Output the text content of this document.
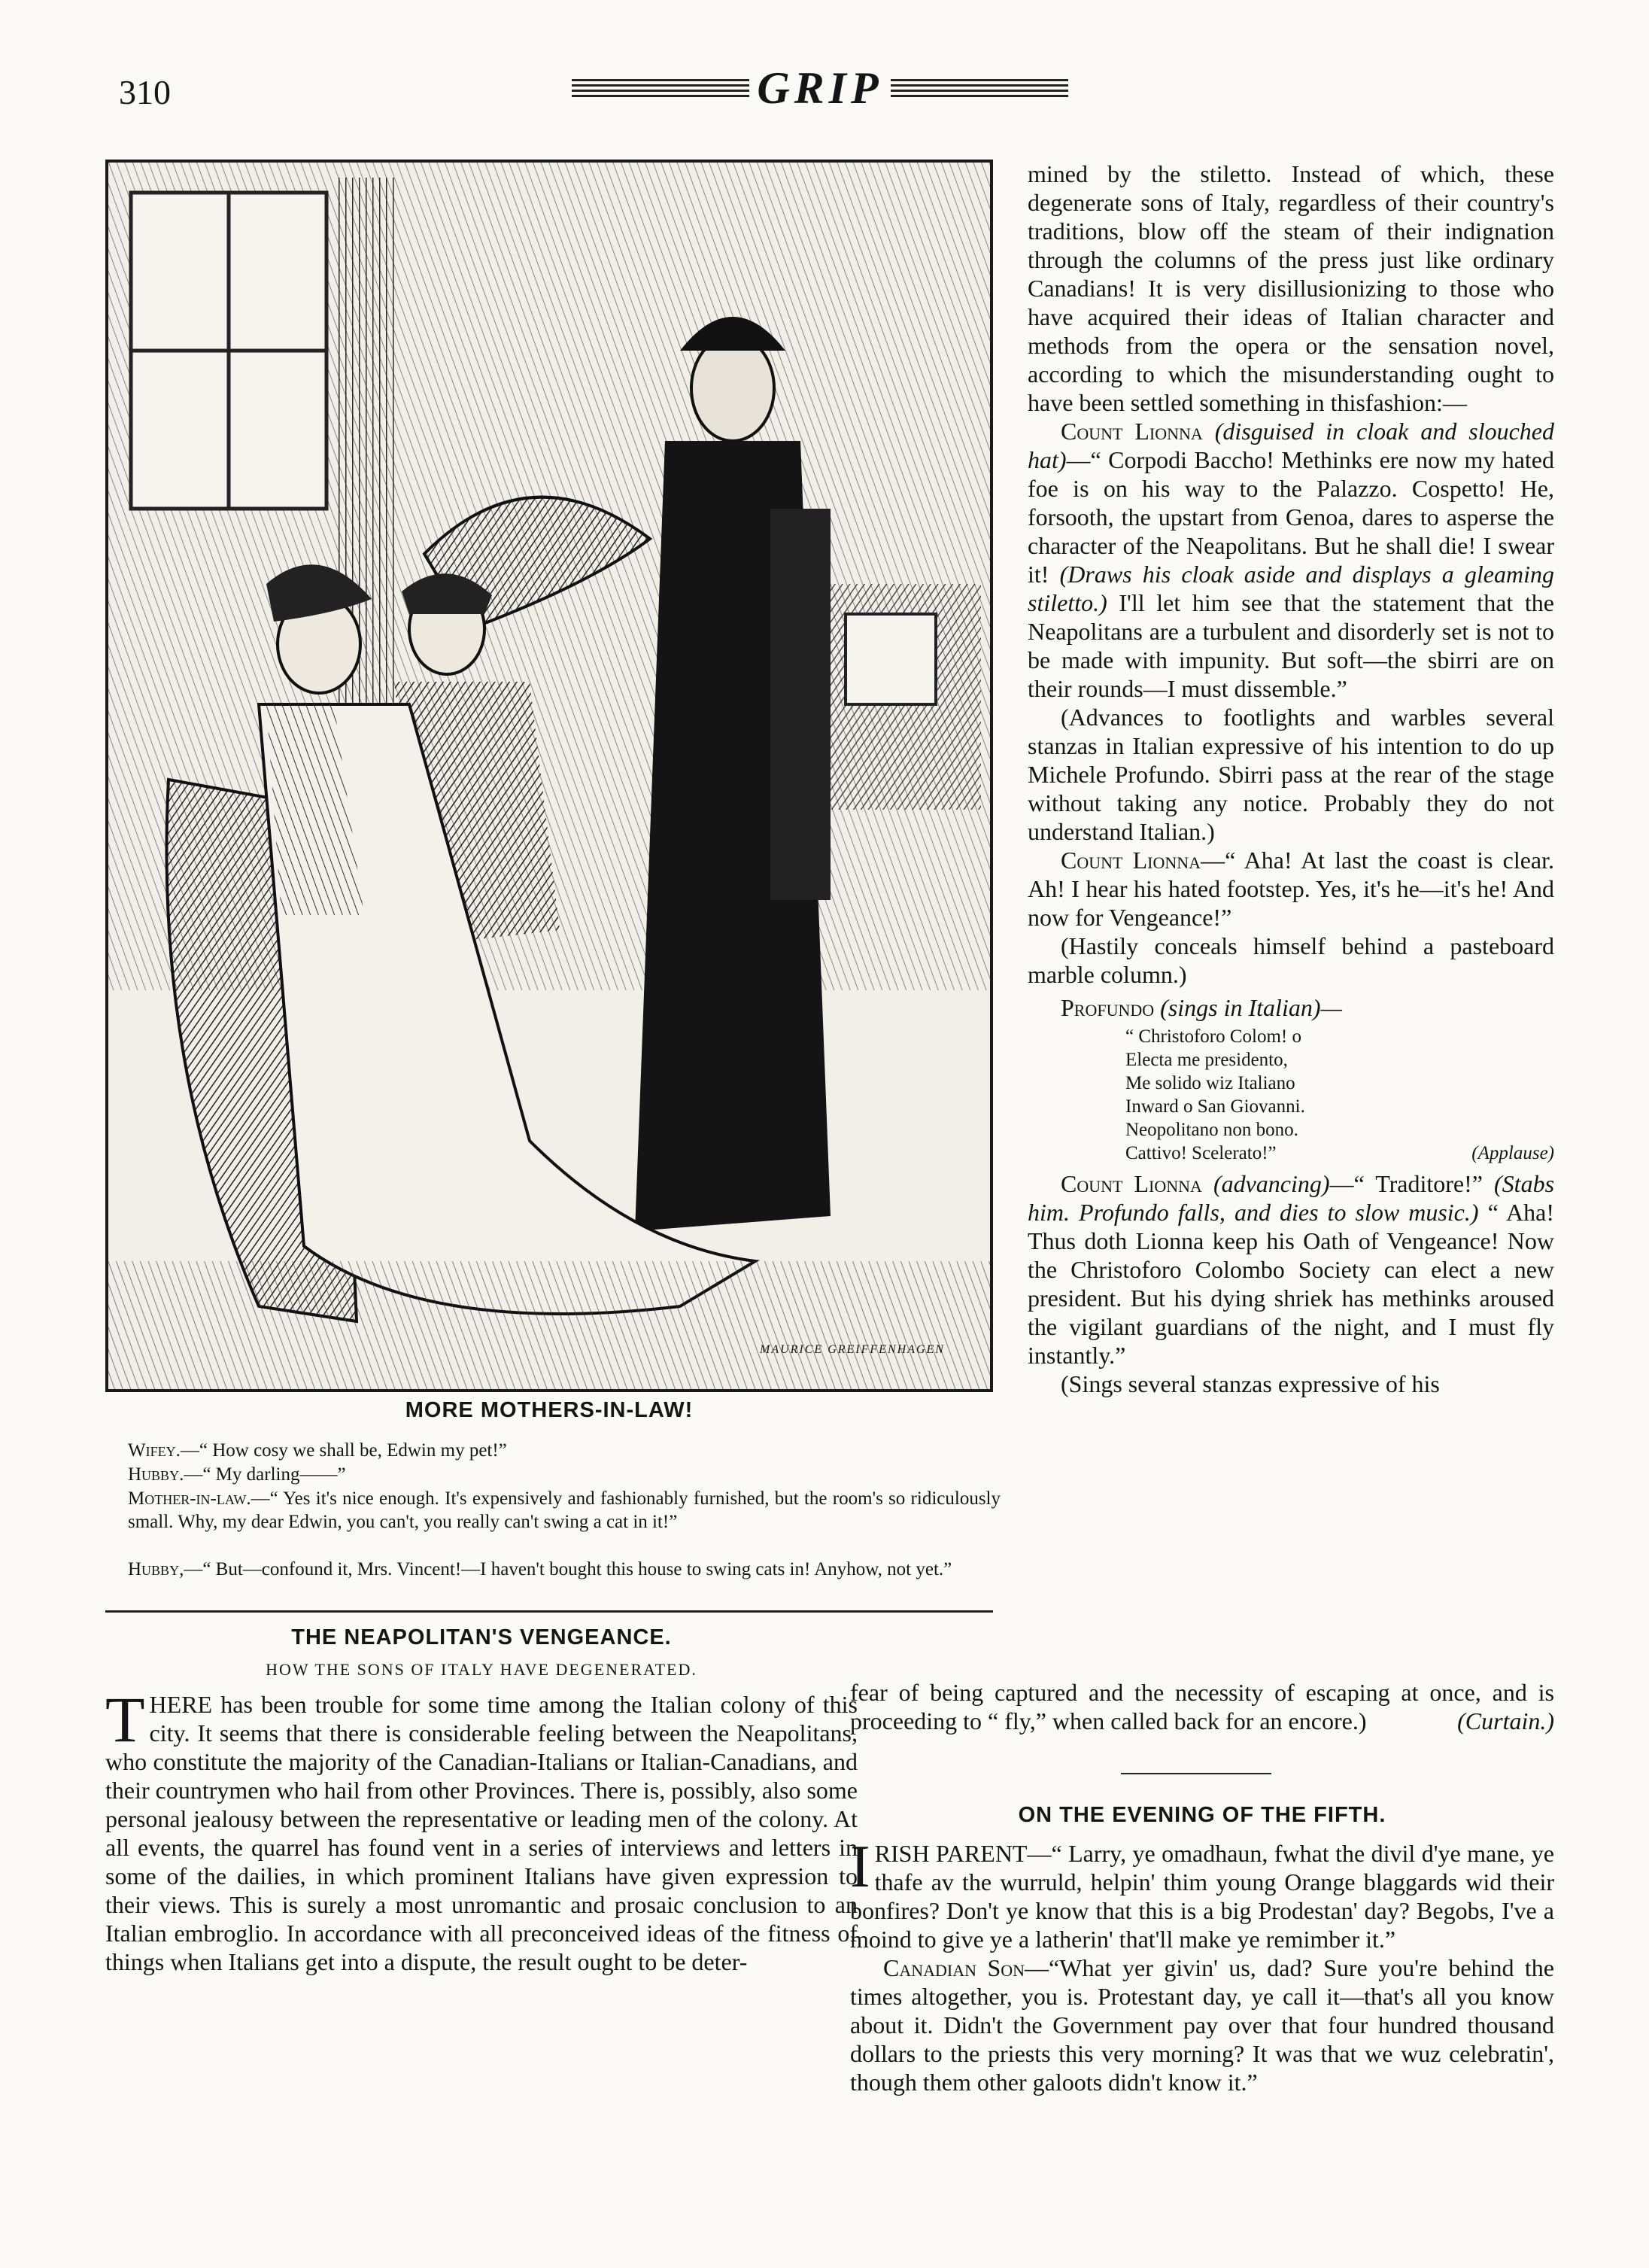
310	GRIP
MAURICE GREIFFENHAGEN
MORE MOTHERS-IN-LAW!
Wifey.—“ How cosy we shall be, Edwin my pet!”
Hubby.—“ My darling——”
Mother-in-law.—“ Yes it's nice enough. It's expensively and fashionably furnished, but the room's so ridiculously small. Why, my dear Edwin, you can't, you really can't swing a cat in it!”
Hubby,—“ But—confound it, Mrs. Vincent!—I haven't bought this house to swing cats in! Anyhow, not yet.”
THE NEAPOLITAN'S VENGEANCE.
HOW THE SONS OF ITALY HAVE DEGENERATED.
THERE has been trouble for some time among the Italian colony of this city. It seems that there is considerable feeling between the Neapolitans, who constitute the majority of the Canadian-Italians or Italian-Canadians, and their countrymen who hail from other Provinces. There is, possibly, also some personal jealousy between the representative or leading men of the colony. At all events, the quarrel has found vent in a series of interviews and letters in some of the dailies, in which prominent Italians have given expression to their views. This is surely a most unromantic and prosaic conclusion to an Italian embroglio. In accordance with all preconceived ideas of the fitness of things when Italians get into a dispute, the result ought to be deter-

mined by the stiletto. Instead of which, these degenerate sons of Italy, regardless of their country's traditions, blow off the steam of their indignation through the columns of the press just like ordinary Canadians! It is very disillusionizing to those who have acquired their ideas of Italian character and methods from the opera or the sensation novel, according to which the misunderstanding ought to have been settled something in thisfashion:—

Count Lionna (disguised in cloak and slouched hat)—“ Corpodi Baccho! Methinks ere now my hated foe is on his way to the Palazzo. Cospetto! He, forsooth, the upstart from Genoa, dares to asperse the character of the Neapolitans. But he shall die! I swear it! (Draws his cloak aside and displays a gleaming stiletto.) I'll let him see that the statement that the Neapolitans are a turbulent and disorderly set is not to be made with impunity. But soft—the sbirri are on their rounds—I must dissemble.”

(Advances to footlights and warbles several stanzas in Italian expressive of his intention to do up Michele Profundo. Sbirri pass at the rear of the stage without taking any notice. Probably they do not understand Italian.)

Count Lionna—“ Aha! At last the coast is clear. Ah! I hear his hated footstep. Yes, it's he—it's he! And now for Vengeance!”

(Hastily conceals himself behind a pasteboard marble column.)

Profundo (sings in Italian)—

“ Christoforo Colom! o
Electa me presidento,
Me solido wiz Italiano
Inward o San Giovanni.
Neopolitano non bono.
Cattivo! Scelerato!”	(Applause)

Count Lionna (advancing)—“ Traditore!” (Stabs him. Profundo falls, and dies to slow music.) “ Aha! Thus doth Lionna keep his Oath of Vengeance! Now the Christoforo Colombo Society can elect a new president. But his dying shriek has methinks aroused the vigilant guardians of the night, and I must fly instantly.”

(Sings several stanzas expressive of his

fear of being captured and the necessity of escaping at once, and is proceeding to “ fly,” when called back for an encore.)	(Curtain.)
ON THE EVENING OF THE FIFTH.

IRISH PARENT—“ Larry, ye omadhaun, fwhat the divil d'ye mane, ye thafe av the wurruld, helpin' thim young Orange blaggards wid their bonfires? Don't ye know that this is a big Prodestan' day? Begobs, I've a moind to give ye a latherin' that'll make ye remimber it.”

Canadian Son—“What yer givin' us, dad? Sure you're behind the times altogether, you is. Protestant day, ye call it—that's all you know about it. Didn't the Government pay over that four hundred thousand dollars to the priests this very morning? It was that we wuz celebratin', though them other galoots didn't know it.”
